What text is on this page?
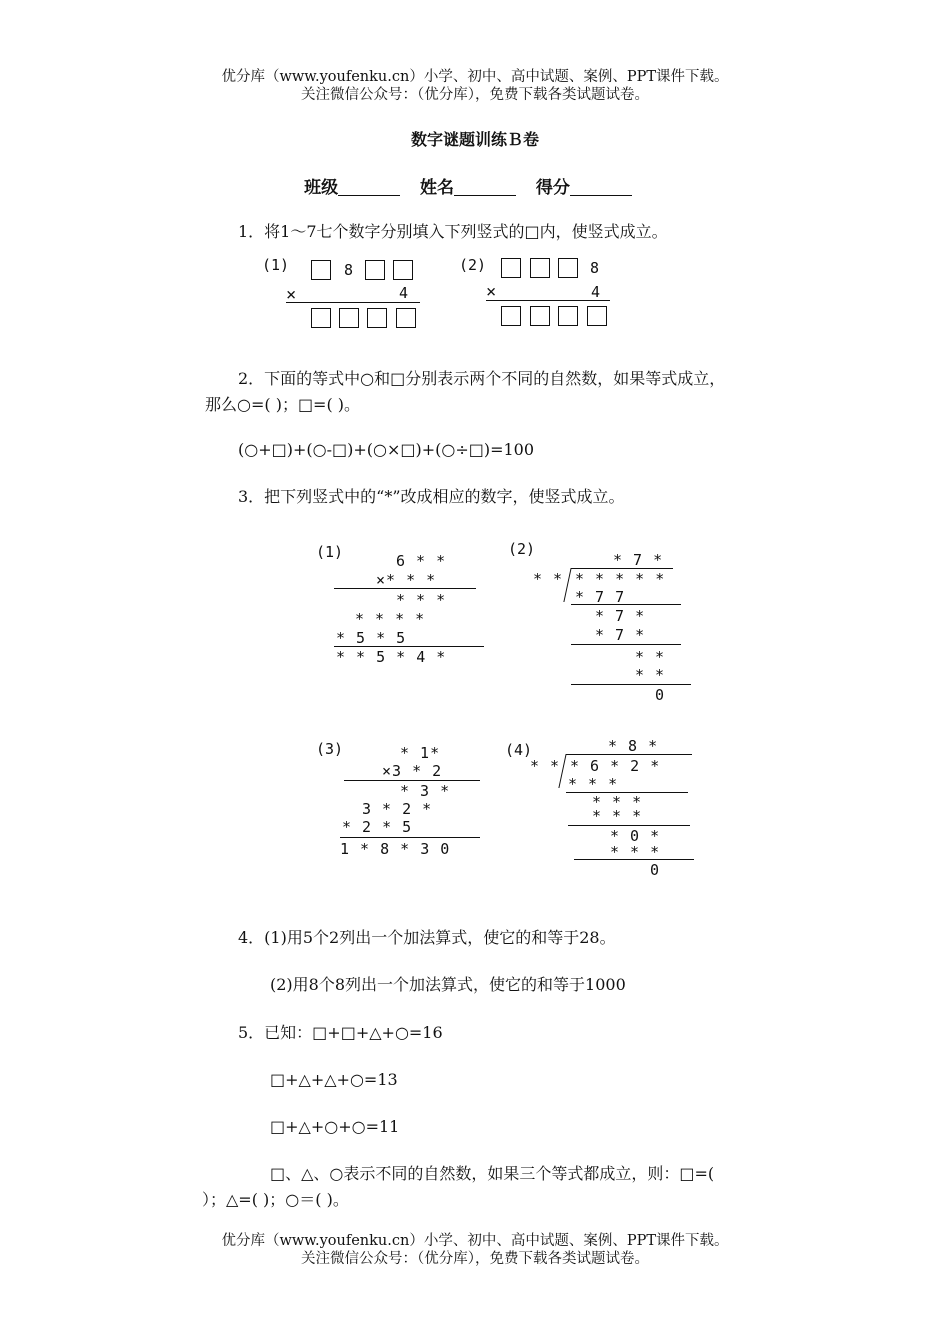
优分库（www.youfenku.cn）小学、初中、高中试题、案例、PPT课件下载。
关注微信公众号：（优分库），免费下载各类试题试卷。
数字谜题训练Ｂ卷
班级	姓名	得分
1．将1～7七个数字分别填入下列竖式的□内，使竖式成立。
(1)	8
×	4
(2)	8
×	4
2．下面的等式中○和□分别表示两个不同的自然数，如果等式成立，
那么○=( )；□=( )。
(○+□)+(○-□)+(○×□)+(○÷□)=100
3．把下列竖式中的“*”改成相应的数字，使竖式成立。
(1)	6 * *
×* * *
* * *
* * * *
* 5 * 5
* * 5 * 4 *
(2)
* 7 *
* * * * * * *
* 7 7
* 7 *
* 7 *
* *
* *
0
(3)	* 1*
×3 * 2
* 3 *
3 * 2 *
* 2 * 5
1 * 8 * 3 0
(4)	* 8 *
* * * 6 * 2 *
* * *
* * *
* * *
* 0 *
* * *
0
4．(1)用5个2列出一个加法算式，使它的和等于28。
(2)用8个8列出一个加法算式，使它的和等于1000
5．已知：□+□+△+○=16
□+△+△+○=13
□+△+○+○=11
□、△、○表示不同的自然数，如果三个等式都成立，则：□=(
）；△=( )；○＝( )。
优分库（www.youfenku.cn）小学、初中、高中试题、案例、PPT课件下载。
关注微信公众号：（优分库），免费下载各类试题试卷。
